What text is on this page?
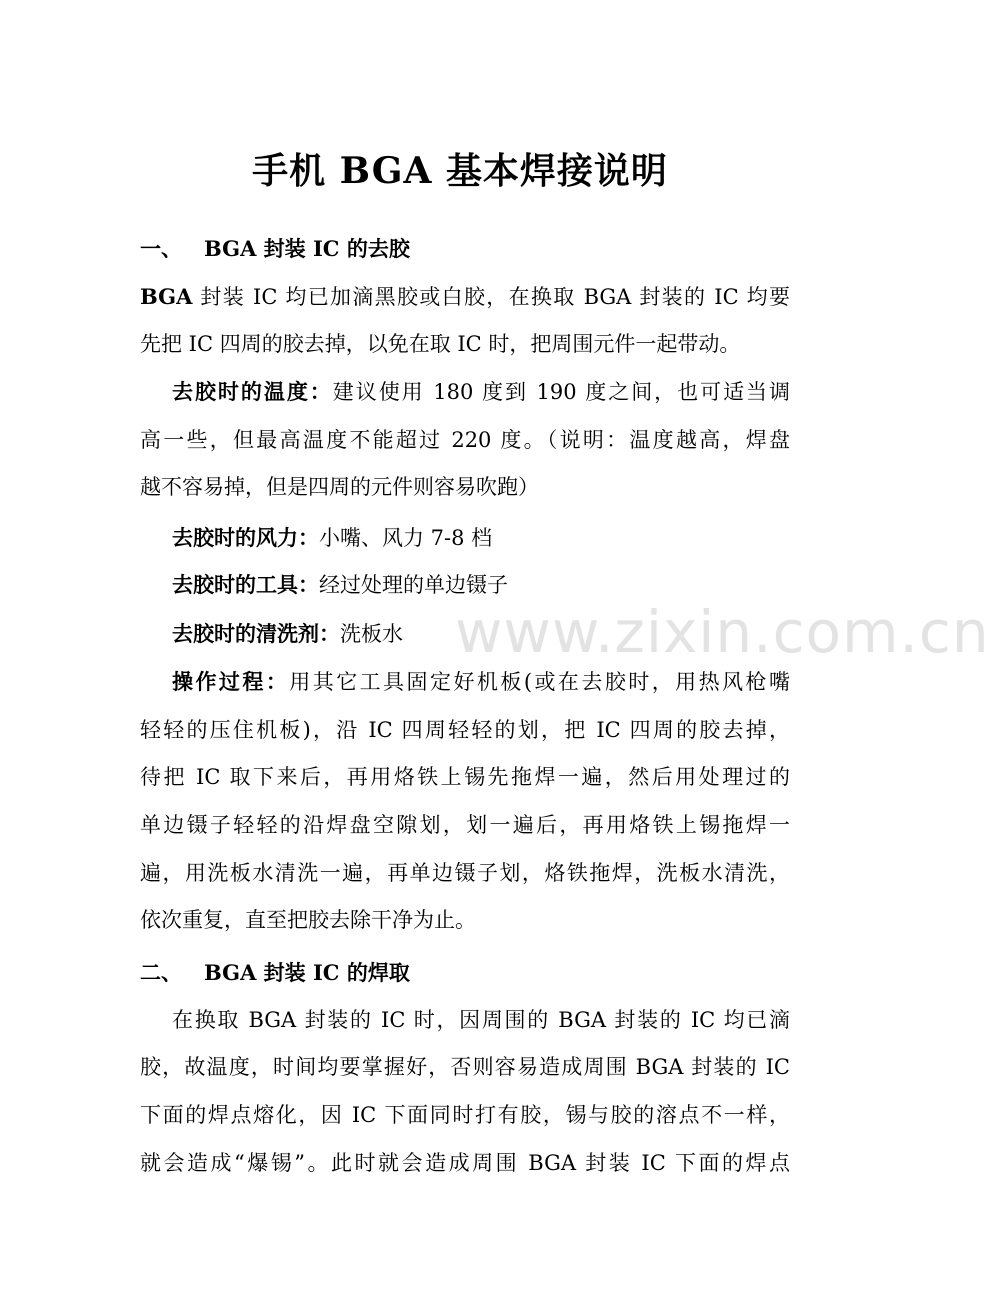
www.zixin.com.cn
手机 BGA 基本焊接说明
一、 BGA 封装 IC 的去胶
BGA 封装 IC 均已加滴黑胶或白胶，在换取 BGA 封装的 IC 均要
先把 IC 四周的胶去掉，以免在取 IC 时，把周围元件一起带动。
去胶时的温度：建议使用 180 度到 190 度之间，也可适当调
高一些，但最高温度不能超过 220 度。（说明：温度越高，焊盘
越不容易掉，但是四周的元件则容易吹跑）
去胶时的风力：小嘴、风力 7-8 档
去胶时的工具：经过处理的单边镊子
去胶时的清洗剂：洗板水
操作过程：用其它工具固定好机板(或在去胶时，用热风枪嘴
轻轻的压住机板)，沿 IC 四周轻轻的划，把 IC 四周的胶去掉，
待把 IC 取下来后，再用烙铁上锡先拖焊一遍，然后用处理过的
单边镊子轻轻的沿焊盘空隙划，划一遍后，再用烙铁上锡拖焊一
遍，用洗板水清洗一遍，再单边镊子划，烙铁拖焊，洗板水清洗，
依次重复，直至把胶去除干净为止。
二、 BGA 封装 IC 的焊取
在换取 BGA 封装的 IC 时，因周围的 BGA 封装的 IC 均已滴
胶，故温度，时间均要掌握好，否则容易造成周围 BGA 封装的 IC
下面的焊点熔化，因 IC 下面同时打有胶，锡与胶的溶点不一样，
就会造成“爆锡”。此时就会造成周围 BGA 封装 IC 下面的焊点
